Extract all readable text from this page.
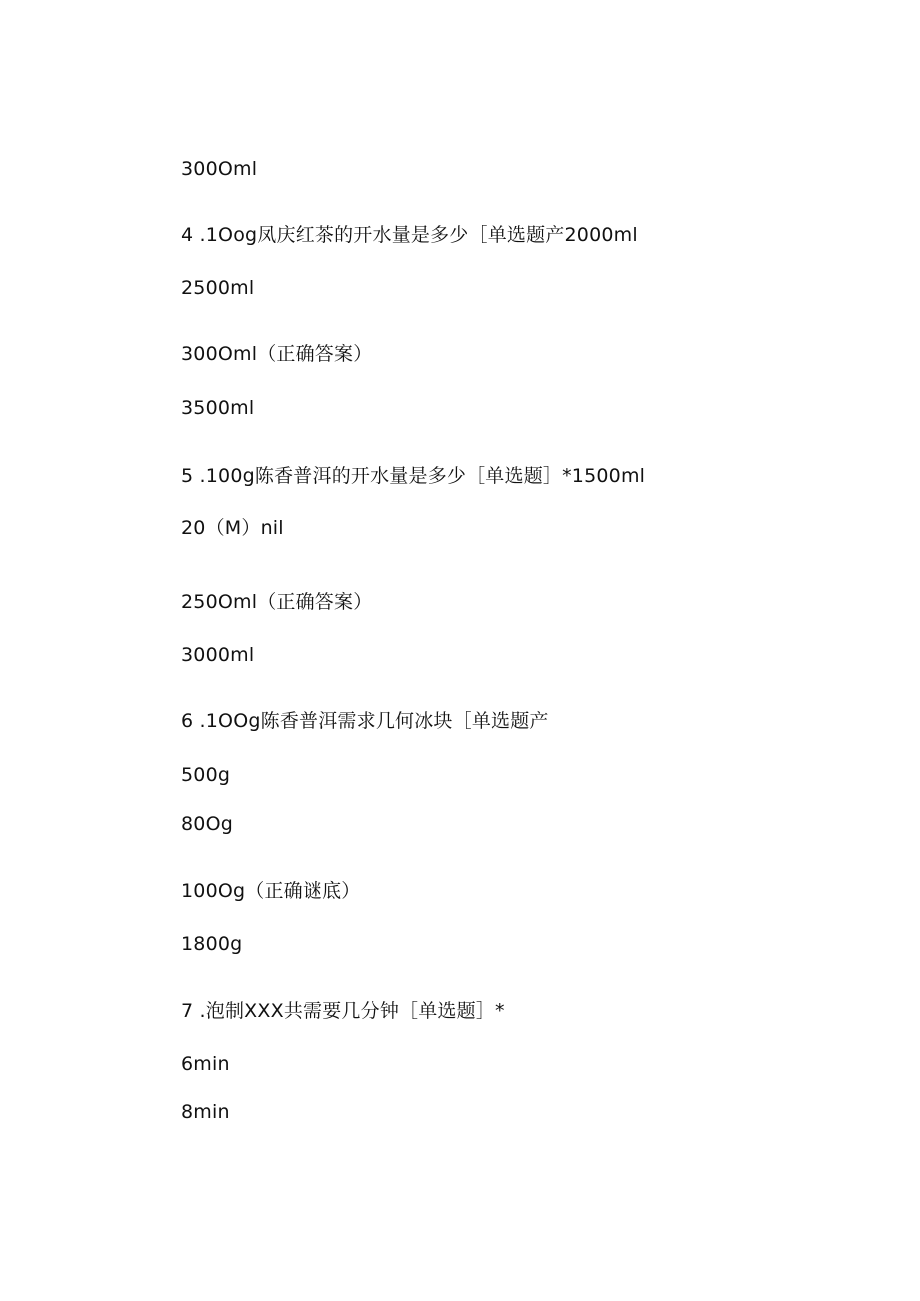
300Oml
4 .1Oog凤庆红茶的开水量是多少［单选题产2000ml
2500ml
300Oml（正确答案）
3500ml
5 .100g陈香普洱的开水量是多少［单选题］*1500ml
20（M）nil
250Oml（正确答案）
3000ml
6 .1OOg陈香普洱需求几何冰块［单选题产
500g
80Og
100Og（正确谜底）
1800g
7 .泡制XXX共需要几分钟［单选题］*
6min
8min
